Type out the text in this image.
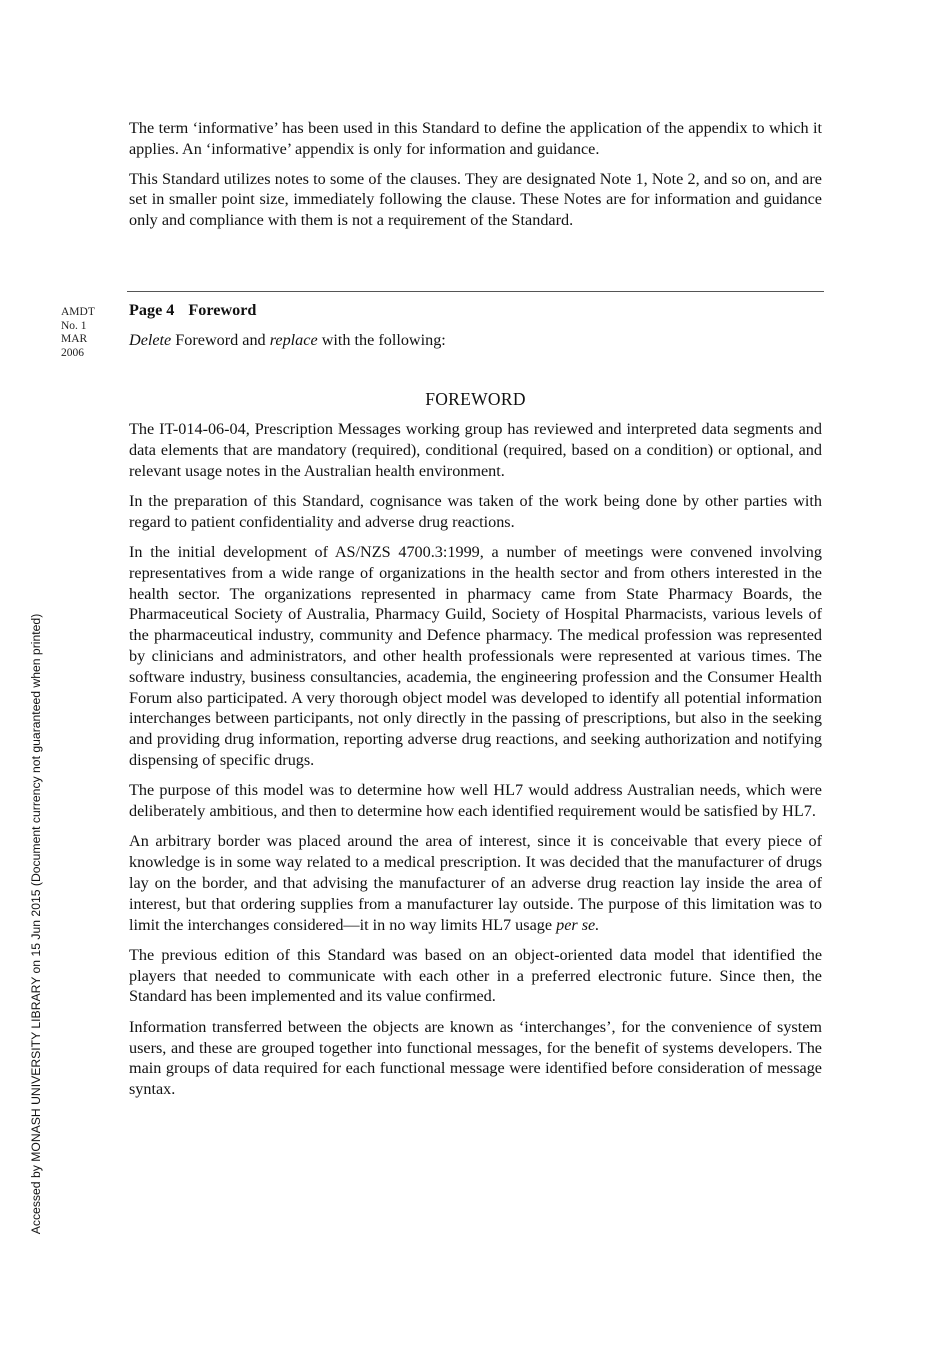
The term ‘informative’ has been used in this Standard to define the application of the appendix to which it applies. An ‘informative’ appendix is only for information and guidance.

This Standard utilizes notes to some of the clauses. They are designated Note 1, Note 2, and so on, and are set in smaller point size, immediately following the clause. These Notes are for information and guidance only and compliance with them is not a requirement of the Standard.

AMDT
No. 1
MAR
2006
Page 4 Foreword
Delete Foreword and replace with the following:
FOREWORD

The IT-014-06-04, Prescription Messages working group has reviewed and interpreted data segments and data elements that are mandatory (required), conditional (required, based on a condition) or optional, and relevant usage notes in the Australian health environment.

In the preparation of this Standard, cognisance was taken of the work being done by other parties with regard to patient confidentiality and adverse drug reactions.

In the initial development of AS/NZS 4700.3:1999, a number of meetings were convened involving representatives from a wide range of organizations in the health sector and from others interested in the health sector. The organizations represented in pharmacy came from State Pharmacy Boards, the Pharmaceutical Society of Australia, Pharmacy Guild, Society of Hospital Pharmacists, various levels of the pharmaceutical industry, community and Defence pharmacy. The medical profession was represented by clinicians and administrators, and other health professionals were represented at various times. The software industry, business consultancies, academia, the engineering profession and the Consumer Health Forum also participated. A very thorough object model was developed to identify all potential information interchanges between participants, not only directly in the passing of prescriptions, but also in the seeking and providing drug information, reporting adverse drug reactions, and seeking authorization and notifying dispensing of specific drugs.

The purpose of this model was to determine how well HL7 would address Australian needs, which were deliberately ambitious, and then to determine how each identified requirement would be satisfied by HL7.

An arbitrary border was placed around the area of interest, since it is conceivable that every piece of knowledge is in some way related to a medical prescription. It was decided that the manufacturer of drugs lay on the border, and that advising the manufacturer of an adverse drug reaction lay inside the area of interest, but that ordering supplies from a manufacturer lay outside. The purpose of this limitation was to limit the interchanges considered—it in no way limits HL7 usage per se.

The previous edition of this Standard was based on an object-oriented data model that identified the players that needed to communicate with each other in a preferred electronic future. Since then, the Standard has been implemented and its value confirmed.

Information transferred between the objects are known as ‘interchanges’, for the convenience of system users, and these are grouped together into functional messages, for the benefit of systems developers. The main groups of data required for each functional message were identified before consideration of message syntax.

Accessed by MONASH UNIVERSITY LIBRARY on 15 Jun 2015 (Document currency not guaranteed when printed)
